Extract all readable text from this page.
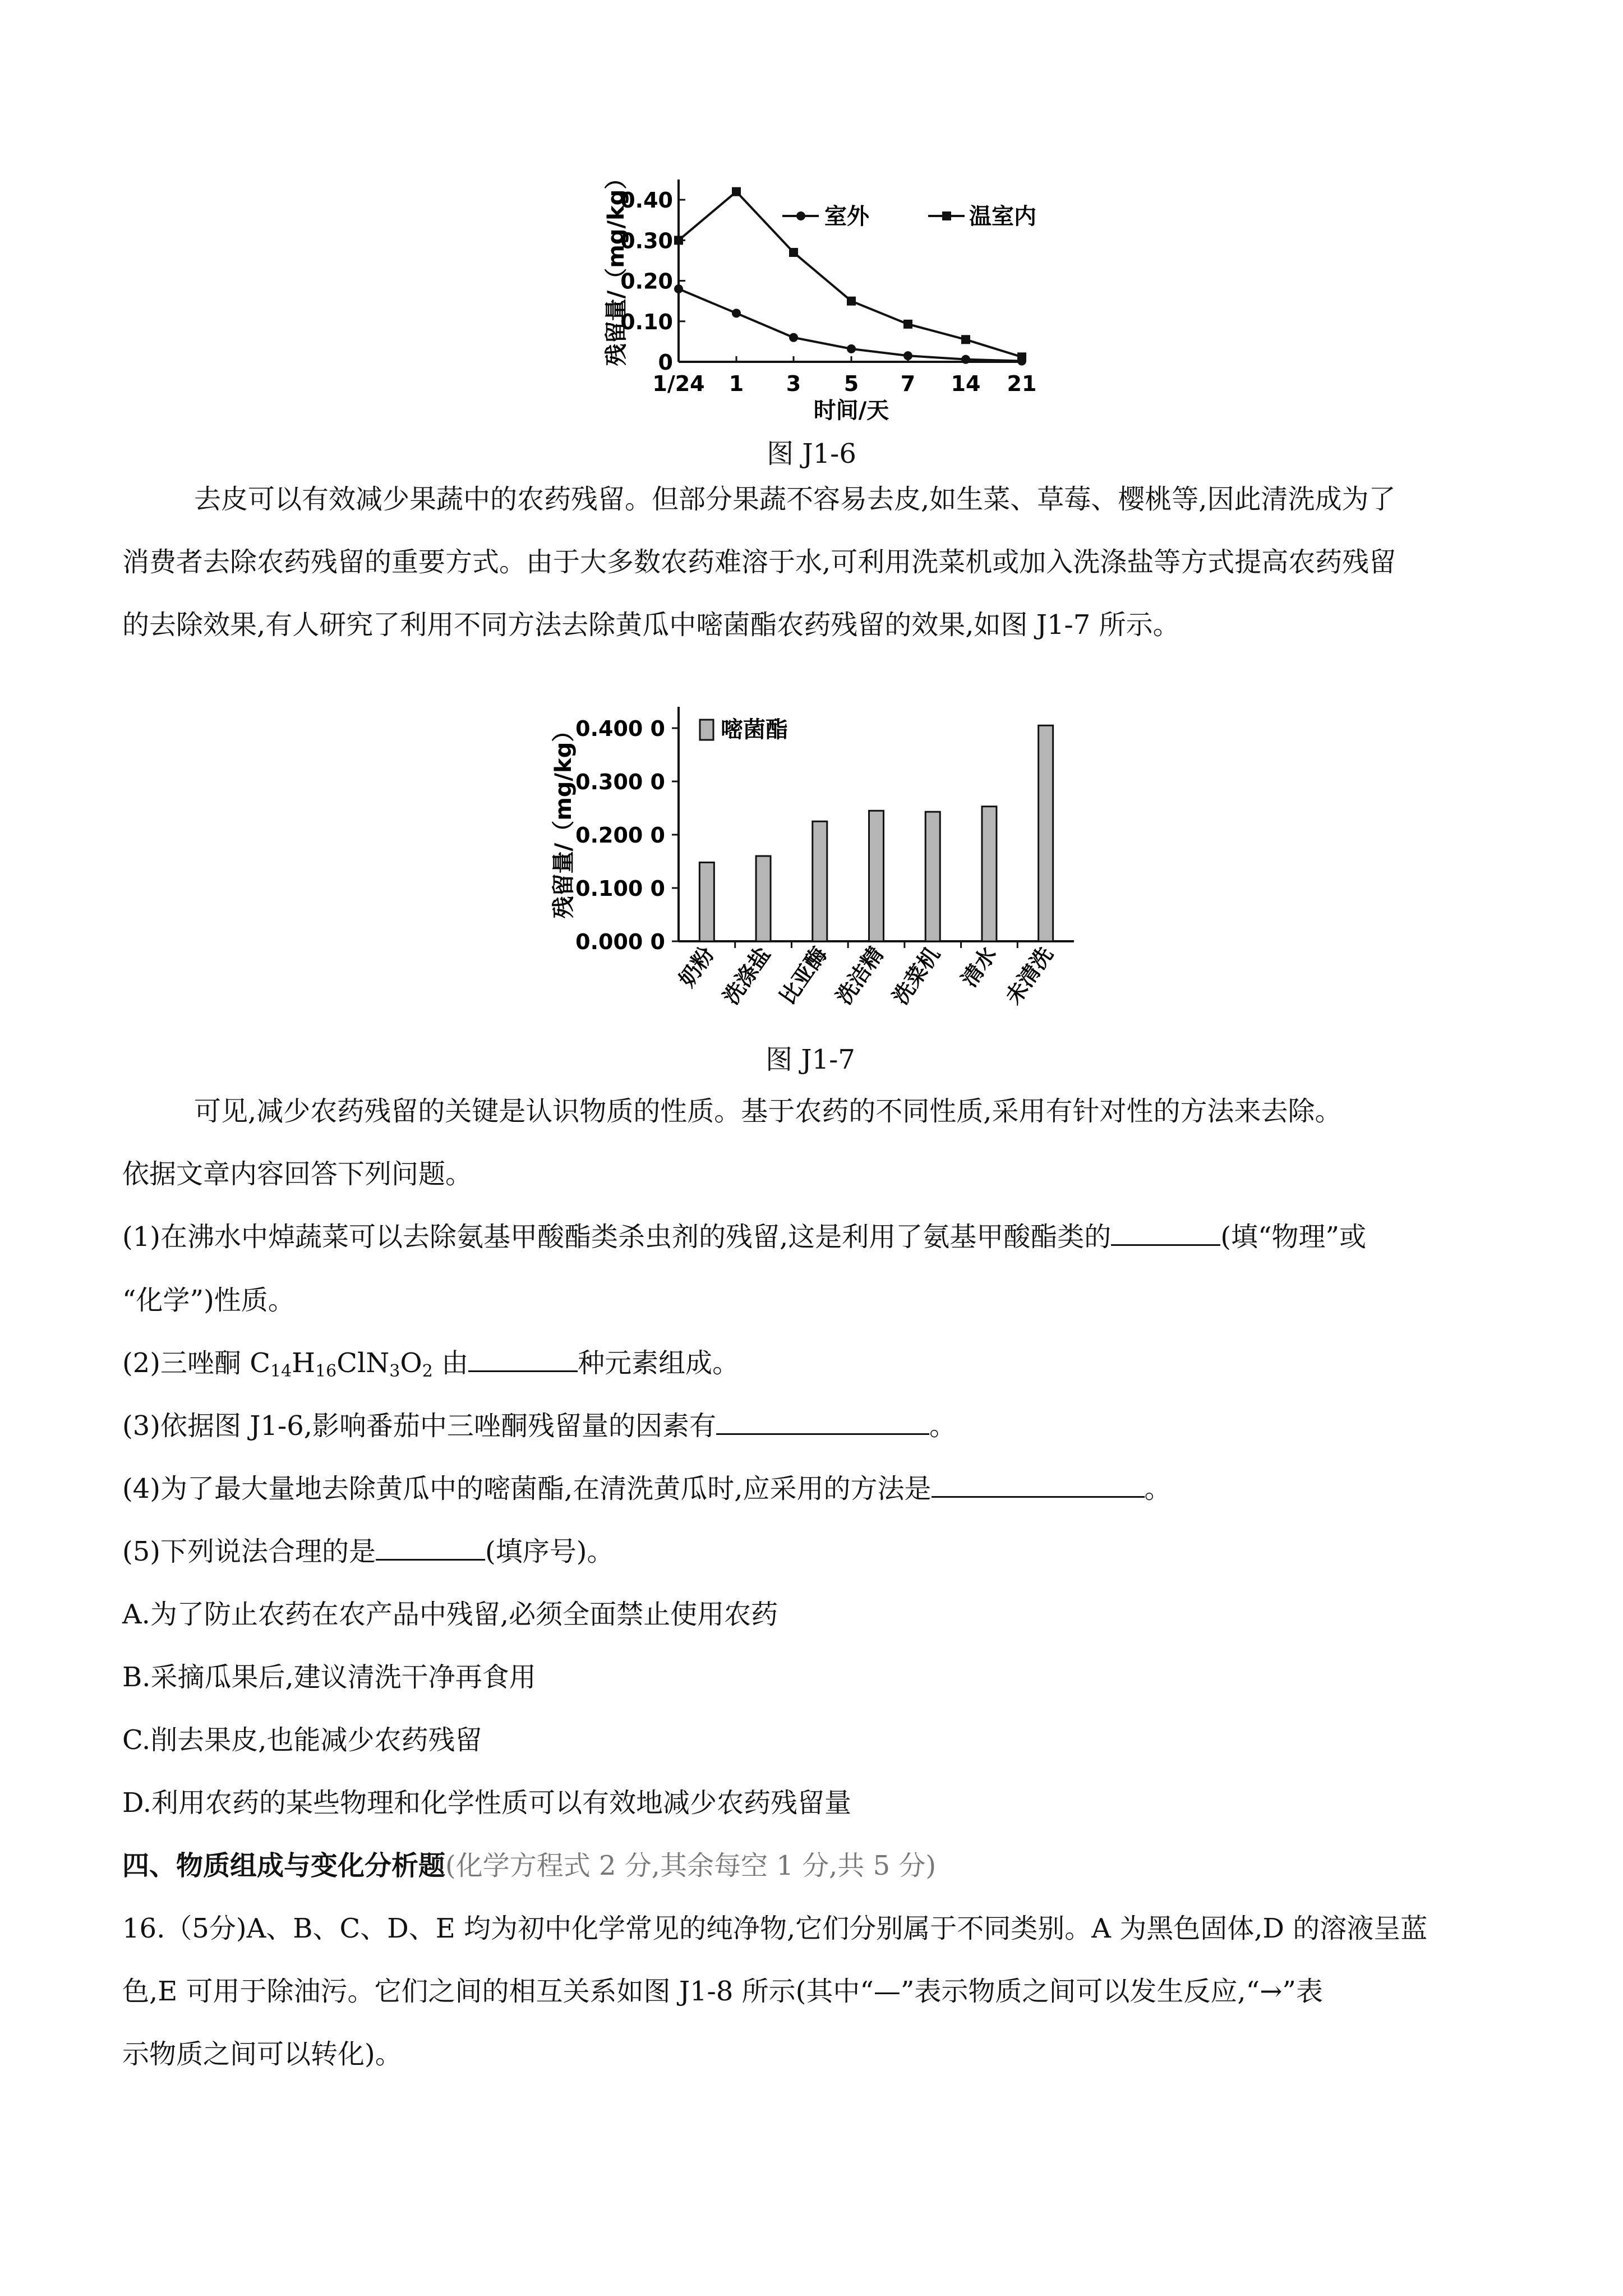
0
0.10
0.20
0.30
0.40
1/24 1 3 5 7 14 21
时间/天
残留量/（mg/kg）	室外	温室内
0.000 0
0.100 0
0.200 0
0.300 0
0.400 0
奶粉 洗涤盐 比亚酶 洗洁精 洗菜机 清水 未清洗
残留量/（mg/kg）	嘧菌酯
图 J1-6
图 J1-7
去皮可以有效减少果蔬中的农药残留。但部分果蔬不容易去皮,如生菜、草莓、樱桃等,因此清洗成为了
消费者去除农药残留的重要方式。由于大多数农药难溶于水,可利用洗菜机或加入洗涤盐等方式提高农药残留
的去除效果,有人研究了利用不同方法去除黄瓜中嘧菌酯农药残留的效果,如图 J1-7 所示。
可见,减少农药残留的关键是认识物质的性质。基于农药的不同性质,采用有针对性的方法来去除。
依据文章内容回答下列问题。
(1)在沸水中焯蔬菜可以去除氨基甲酸酯类杀虫剂的残留,这是利用了氨基甲酸酯类的	(填“物理”或
“化学”)性质。
(2)三唑酮 $C_{14}H_{16}ClN_3O_2$ 由	种元素组成。
(3)依据图 J1-6,影响番茄中三唑酮残留量的因素有	。
(4)为了最大量地去除黄瓜中的嘧菌酯,在清洗黄瓜时,应采用的方法是	。
(5)下列说法合理的是	(填序号)。
A.为了防止农药在农产品中残留,必须全面禁止使用农药
B.采摘瓜果后,建议清洗干净再食用
C.削去果皮,也能减少农药残留
D.利用农药的某些物理和化学性质可以有效地减少农药残留量
四、物质组成与变化分析题(化学方程式 2 分,其余每空 1 分,共 5 分)
16.（5分)A、B、C、D、E 均为初中化学常见的纯净物,它们分别属于不同类别。A 为黑色固体,D 的溶液呈蓝
色,E 可用于除油污。它们之间的相互关系如图 J1-8 所示(其中“—”表示物质之间可以发生反应,“→”表
示物质之间可以转化)。
